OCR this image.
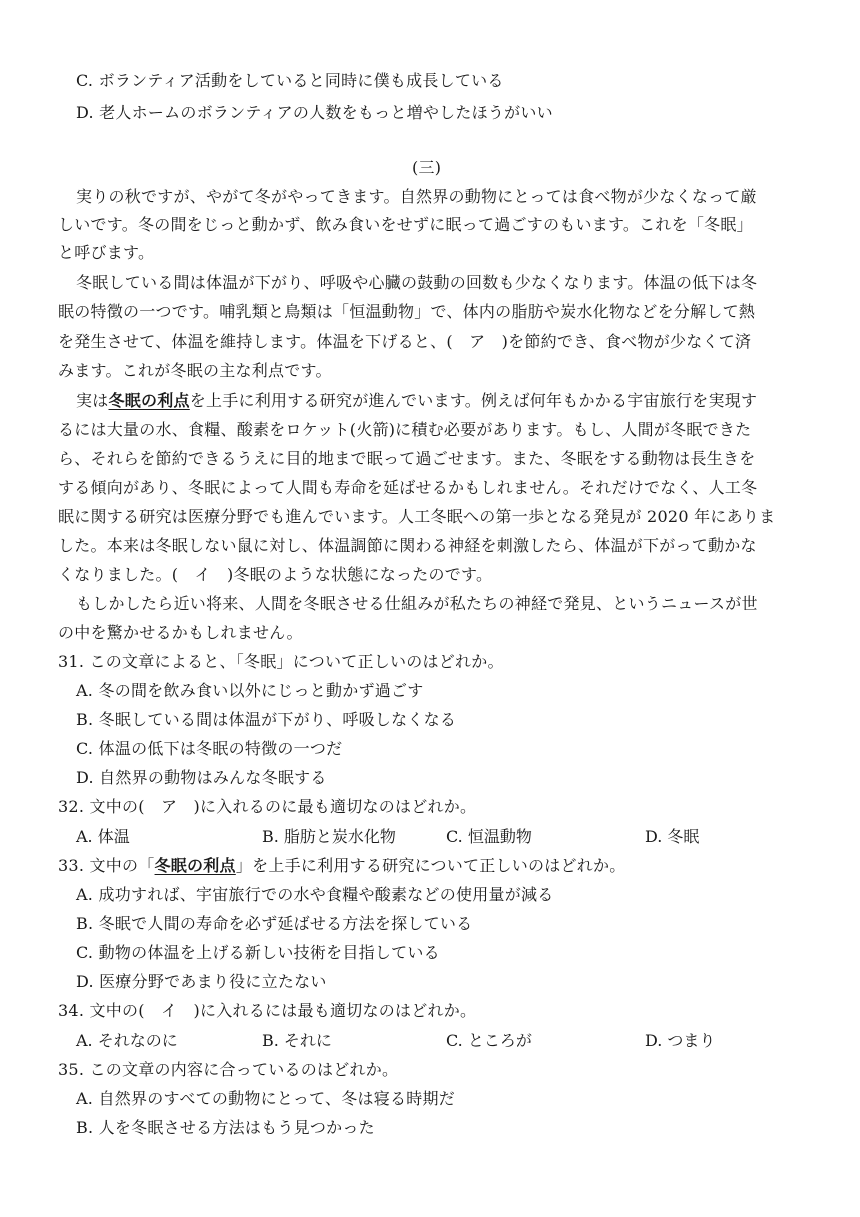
C. ボランティア活動をしていると同時に僕も成長している
D. 老人ホームのボランティアの人数をもっと増やしたほうがいい
(三)
実りの秋ですが、やがて冬がやってきます。自然界の動物にとっては食べ物が少なくなって厳
しいです。冬の間をじっと動かず、飲み食いをせずに眠って過ごすのもいます。これを「冬眠」
と呼びます。
冬眠している間は体温が下がり、呼吸や心臓の鼓動の回数も少なくなります。体温の低下は冬
眠の特徴の一つです。哺乳類と鳥類は「恒温動物」で、体内の脂肪や炭水化物などを分解して熱
を発生させて、体温を維持します。体温を下げると、(　ア　)を節約でき、食べ物が少なくて済
みます。これが冬眠の主な利点です。
実は冬眠の利点を上手に利用する研究が進んでいます。例えば何年もかかる宇宙旅行を実現す
るには大量の水、食糧、酸素をロケット(火箭)に積む必要があります。もし、人間が冬眠できた
ら、それらを節約できるうえに目的地まで眠って過ごせます。また、冬眠をする動物は長生きを
する傾向があり、冬眠によって人間も寿命を延ばせるかもしれません。それだけでなく、人工冬
眠に関する研究は医療分野でも進んでいます。人工冬眠への第一歩となる発見が 2020 年にありま
した。本来は冬眠しない鼠に対し、体温調節に関わる神経を刺激したら、体温が下がって動かな
くなりました。(　イ　)冬眠のような状態になったのです。
もしかしたら近い将来、人間を冬眠させる仕組みが私たちの神経で発見、というニュースが世
の中を驚かせるかもしれません。
31. この文章によると、「冬眠」について正しいのはどれか。
A. 冬の間を飲み食い以外にじっと動かず過ごす
B. 冬眠している間は体温が下がり、呼吸しなくなる
C. 体温の低下は冬眠の特徴の一つだ
D. 自然界の動物はみんな冬眠する
32. 文中の(　ア　)に入れるのに最も適切なのはどれか。
A. 体温	B. 脂肪と炭水化物	C. 恒温動物	D. 冬眠
33. 文中の「冬眠の利点」を上手に利用する研究について正しいのはどれか。
A. 成功すれば、宇宙旅行での水や食糧や酸素などの使用量が減る
B. 冬眠で人間の寿命を必ず延ばせる方法を探している
C. 動物の体温を上げる新しい技術を目指している
D. 医療分野であまり役に立たない
34. 文中の(　イ　)に入れるには最も適切なのはどれか。
A. それなのに	B. それに	C. ところが	D. つまり
35. この文章の内容に合っているのはどれか。
A. 自然界のすべての動物にとって、冬は寝る時期だ
B. 人を冬眠させる方法はもう見つかった
